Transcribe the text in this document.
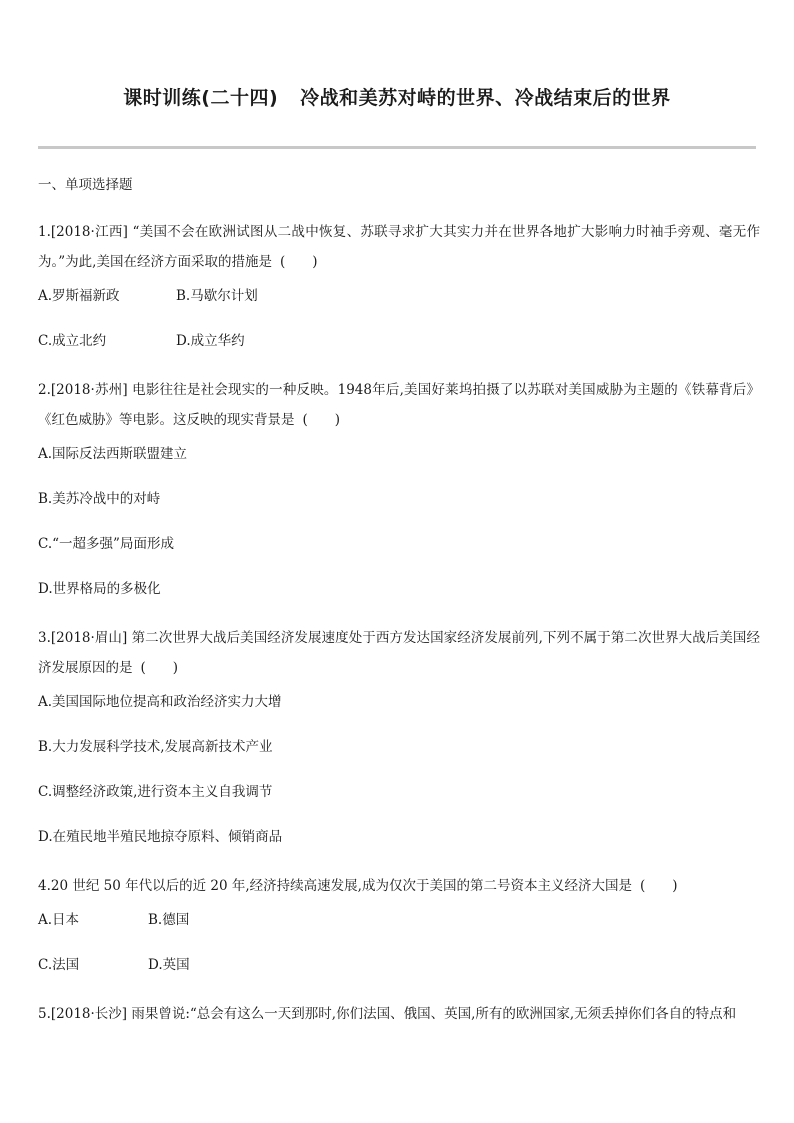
课时训练(二十四) 冷战和美苏对峙的世界、冷战结束后的世界
一、单项选择题

1.[2018·江西] “美国不会在欧洲试图从二战中恢复、苏联寻求扩大其实力并在世界各地扩大影响力时袖手旁观、毫无作为。”为此,美国在经济方面采取的措施是 (　　)

A.罗斯福新政	B.马歇尔计划
C.成立北约	D.成立华约

2.[2018·苏州] 电影往往是社会现实的一种反映。1948年后,美国好莱坞拍摄了以苏联对美国威胁为主题的《铁幕背后》《红色威胁》等电影。这反映的现实背景是 (　　)

A.国际反法西斯联盟建立
B.美苏冷战中的对峙
C.“一超多强”局面形成
D.世界格局的多极化

3.[2018·眉山] 第二次世界大战后美国经济发展速度处于西方发达国家经济发展前列,下列不属于第二次世界大战后美国经济发展原因的是 (　　)

A.美国国际地位提高和政治经济实力大增
B.大力发展科学技术,发展高新技术产业
C.调整经济政策,进行资本主义自我调节
D.在殖民地半殖民地掠夺原料、倾销商品

4.20 世纪 50 年代以后的近 20 年,经济持续高速发展,成为仅次于美国的第二号资本主义经济大国是 (　　)

A.日本	B.德国
C.法国	D.英国

5.[2018·长沙] 雨果曾说:“总会有这么一天到那时,你们法国、俄国、英国,所有的欧洲国家,无须丢掉你们各自的特点和
